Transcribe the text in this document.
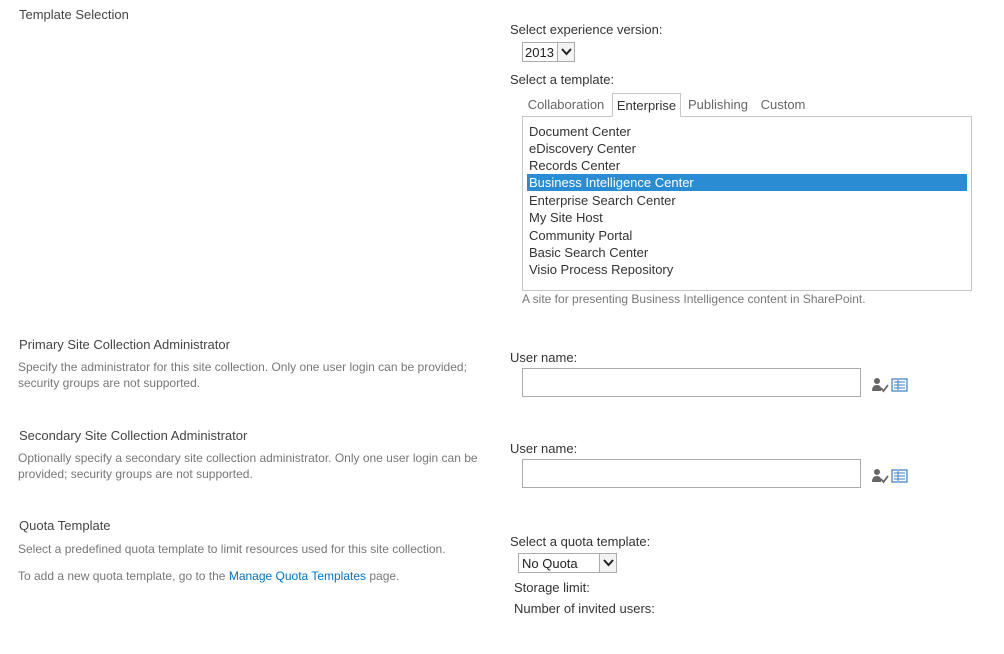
Template Selection
Select experience version:
2013
Select a template:
Collaboration Enterprise Publishing Custom
Document Center
eDiscovery Center
Records Center
Business Intelligence Center
Enterprise Search Center
My Site Host
Community Portal
Basic Search Center
Visio Process Repository
A site for presenting Business Intelligence content in SharePoint.
Primary Site Collection Administrator
Specify the administrator for this site collection. Only one user login can be provided; security groups are not supported.
User name:
Secondary Site Collection Administrator
Optionally specify a secondary site collection administrator. Only one user login can be provided; security groups are not supported.
User name:
Quota Template
Select a predefined quota template to limit resources used for this site collection.
To add a new quota template, go to the Manage Quota Templates page.
Select a quota template:
No Quota
Storage limit:
Number of invited users:
